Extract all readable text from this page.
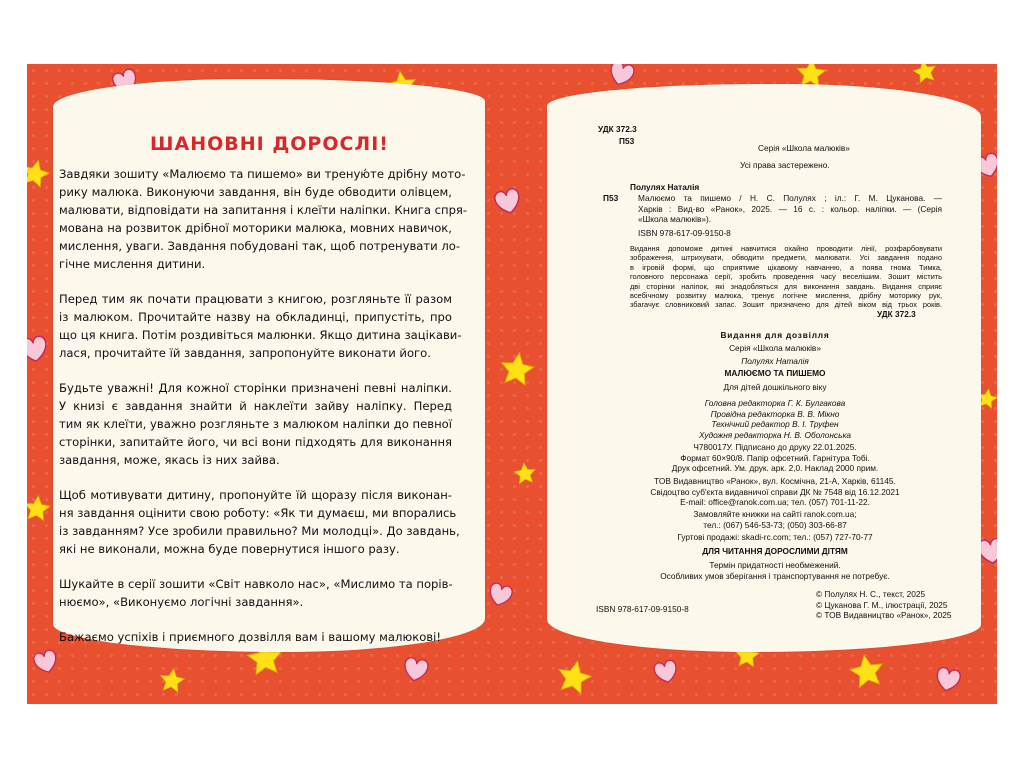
ШАНОВНІ ДОРОСЛІ!

Завдяки зошиту «Малюємо та пишемо» ви треную́те дрібну мото-
рику малюка. Виконуючи завдання, він буде обводити олівцем,
малювати, відповідати на запитання і клеїти наліпки. Книга спря-
мована на розвиток дрібної моторики малюка, мовних навичок,
мислення, уваги. Завдання побудовані так, щоб потренувати ло-
гічне мислення дитини.

Перед тим як почати працювати з книгою, розгляньте її разом
із малюком. Прочитайте назву на обкладинці, припустіть, про
що ця книга. Потім роздивіться малюнки. Якщо дитина зацікави-
лася, прочитайте їй завдання, запропонуйте виконати його.

Будьте уважні! Для кожної сторінки призначені певні наліпки.
У книзі є завдання знайти й наклеїти зайву наліпку. Перед
тим як клеїти, уважно розгляньте з малюком наліпки до певної
сторінки, запитайте його, чи всі вони підходять для виконання
завдання, може, якась із них зайва.

Щоб мотивувати дитину, пропонуйте їй щоразу після виконан-
ня завдання оцінити свою роботу: «Як ти думаєш, ми впорались
із завданням? Усе зробили правильно? Ми молодці». До завдань,
які не виконали, можна буде повернутися іншого разу.

Шукайте в серії зошити «Світ навколо нас», «Мислимо та порів-
нюємо», «Виконуємо логічні завдання».

Бажаємо успіхів і приємного дозвілля вам і вашому малюкові!

УДК 372.3
П53
Серія «Школа малюків»
Усі права застережено.
Полулях Наталія
П53 Малюємо та пишемо / Н. С. Полулях ; іл.: Г. М. Цуканова. —
Харків : Вид-во «Ранок», 2025. — 16 с. : кольор. наліпки. — (Серія
«Школа малюків»).
ISBN 978-617-09-9150-8
Видання допоможе дитині навчитися охайно проводити лінії, розфарбовувати
зображення, штрихувати, обводити предмети, малювати. Усі завдання подано
в ігровій формі, що сприятиме цікавому навчанню, а поява гнома Тимка,
головного персонажа серії, зробить проведення часу веселішим. Зошит містить
дві сторінки наліпок, які знадобляться для виконання завдань. Видання сприяє
всебічному розвитку малюка, тренує логічне мислення, дрібну моторику рук,
збагачує словниковий запас. Зошит призначено для дітей віком від трьох років.
УДК 372.3
Видання для дозвілля
Серія «Школа малюків»
Полулях Наталія
МАЛЮЄМО ТА ПИШЕМО
Для дітей дошкільного віку
Головна редакторка Г. К. Булгакова
Провідна редакторка В. В. Мікно
Технічний редактор В. І. Труфен
Художня редакторка Н. В. Оболонська
Ч780017У. Підписано до друку 22.01.2025.
Формат 60×90/8. Папір офсетний. Гарнітура Toбі.
Друк офсетний. Ум. друк. арк. 2,0. Наклад 2000 прим.
ТОВ Видавництво «Ранок», вул. Космічна, 21-А, Харків, 61145.
Свідоцтво суб'єкта видавничої справи ДК № 7548 від 16.12.2021
E-mail: office@ranok.com.ua; тел. (057) 701-11-22.
Замовляйте книжки на сайті ranok.com.ua;
тел.: (067) 546-53-73; (050) 303-66-87
Гуртові продажі: skadi-rc.com; тел.: (057) 727-70-77
ДЛЯ ЧИТАННЯ ДОРОСЛИМИ ДІТЯМ
Термін придатності необмежений.
Особливих умов зберігання і транспортування не потребує.
ISBN 978-617-09-9150-8
© Полулях Н. С., текст, 2025
© Цуканова Г. М., ілюстрації, 2025
© ТОВ Видавництво «Ранок», 2025
